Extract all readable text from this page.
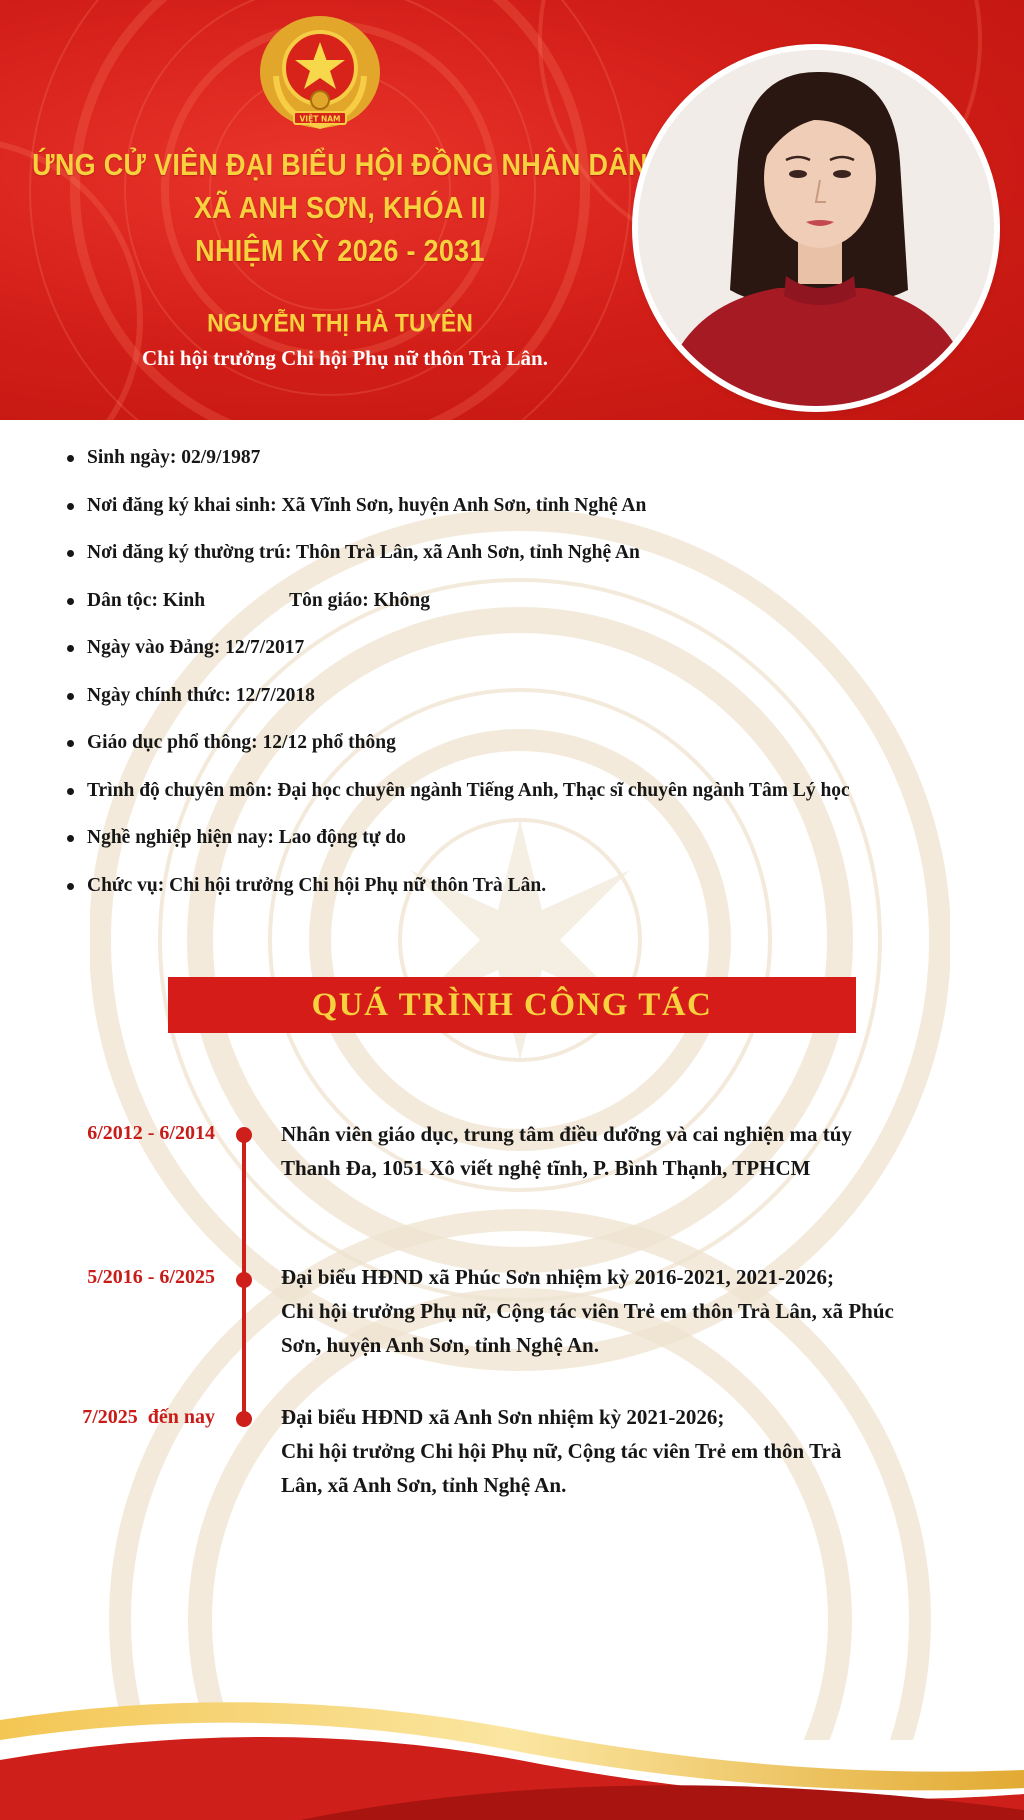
VIỆT NAM
ỨNG CỬ VIÊN ĐẠI BIỂU HỘI ĐỒNG NHÂN DÂN
XÃ ANH SƠN, KHÓA II
NHIỆM KỲ 2026 - 2031
NGUYỄN THỊ HÀ TUYÊN
Chi hội trưởng Chi hội Phụ nữ thôn Trà Lân.
Sinh ngày: 02/9/1987
Nơi đăng ký khai sinh: Xã Vĩnh Sơn, huyện Anh Sơn, tỉnh Nghệ An
Nơi đăng ký thường trú: Thôn Trà Lân, xã Anh Sơn, tỉnh Nghệ An
Dân tộc: Kinh	Tôn giáo: Không
Ngày vào Đảng: 12/7/2017
Ngày chính thức: 12/7/2018
Giáo dục phổ thông: 12/12 phổ thông
Trình độ chuyên môn: Đại học chuyên ngành Tiếng Anh, Thạc sĩ chuyên ngành Tâm Lý học
Nghề nghiệp hiện nay: Lao động tự do
Chức vụ: Chi hội trưởng Chi hội Phụ nữ thôn Trà Lân.
QUÁ TRÌNH CÔNG TÁC
6/2012 - 6/2014	Nhân viên giáo dục, trung tâm điều dưỡng và cai nghiện ma túy
Thanh Đa, 1051 Xô viết nghệ tĩnh, P. Bình Thạnh, TPHCM
5/2016 - 6/2025	Đại biểu HĐND xã Phúc Sơn nhiệm kỳ 2016-2021, 2021-2026;
Chi hội trưởng Phụ nữ, Cộng tác viên Trẻ em thôn Trà Lân, xã Phúc
Sơn, huyện Anh Sơn, tỉnh Nghệ An.
7/2025  đến nay	Đại biểu HĐND xã Anh Sơn nhiệm kỳ 2021-2026;
Chi hội trưởng Chi hội Phụ nữ, Cộng tác viên Trẻ em thôn Trà
Lân, xã Anh Sơn, tỉnh Nghệ An.
